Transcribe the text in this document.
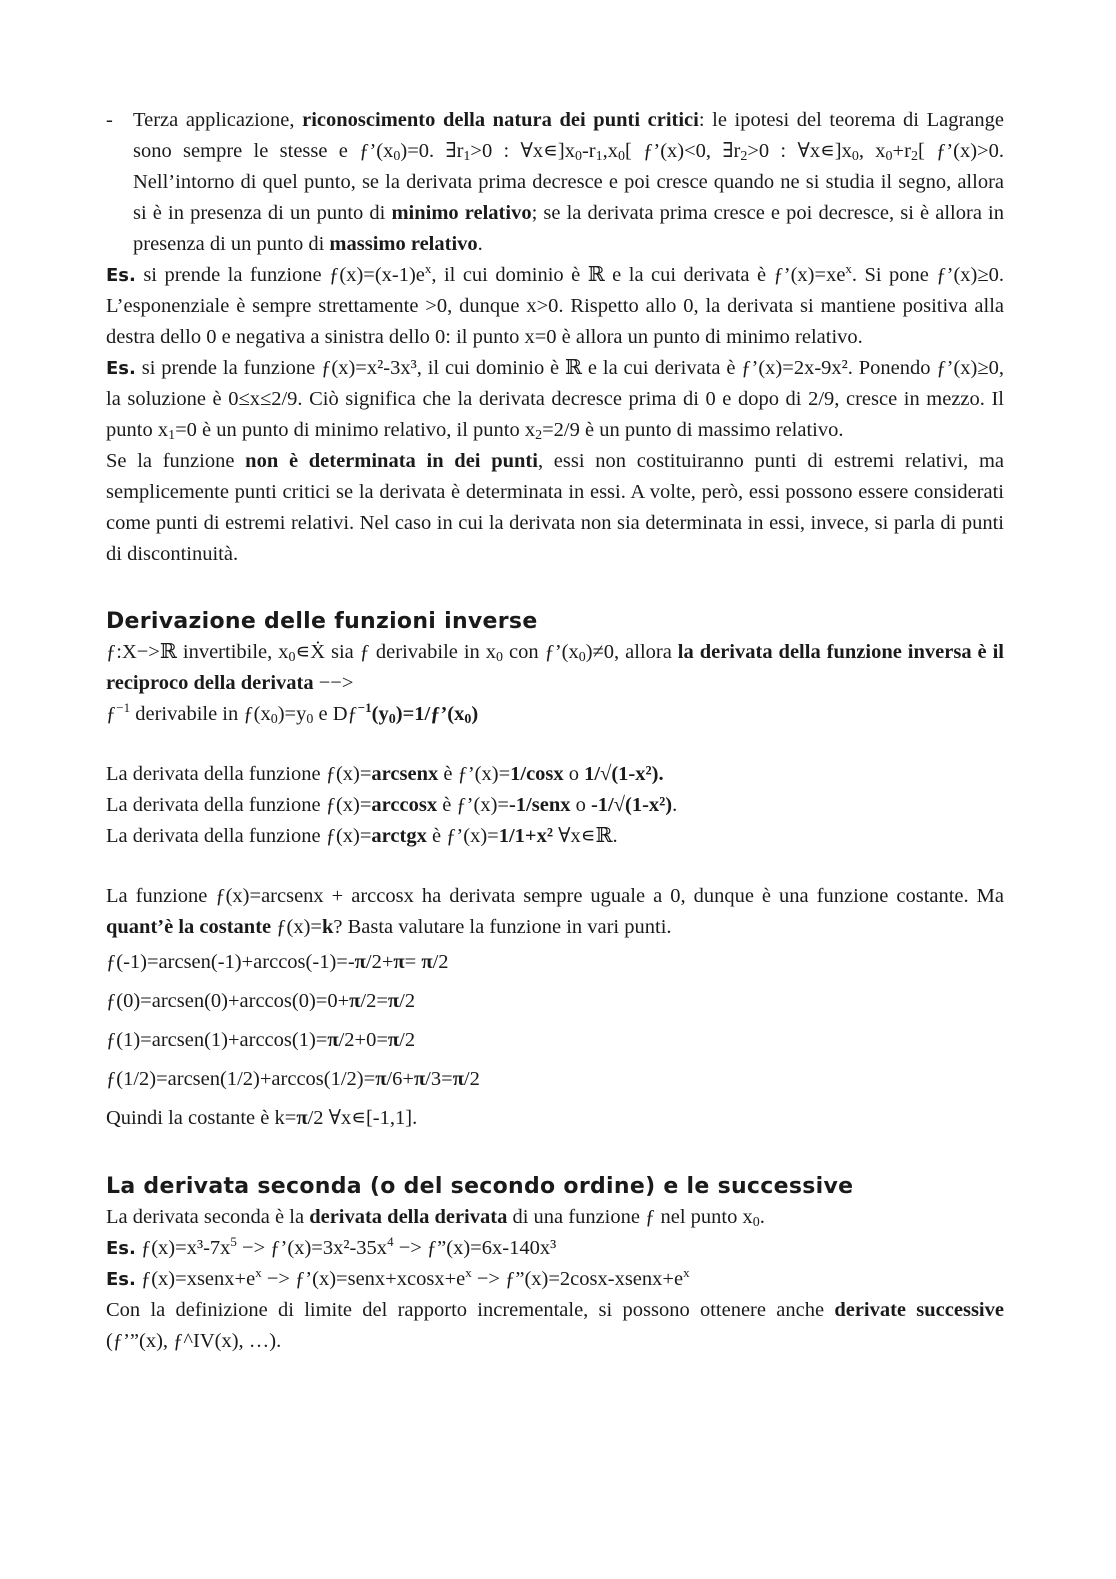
- Terza applicazione, riconoscimento della natura dei punti critici: le ipotesi del teorema di Lagrange sono sempre le stesse e $ƒ’(x_0)=0$. $\exists r_1>0$ : $\forall x∊]x_0-r_1,x_0$[ ƒ’(x)<0, $\exists r_2>0$ : $\forall x∊]x_0$, $x_0+r_2$[ ƒ’(x)>0. Nell’intorno di quel punto, se la derivata prima decresce e poi cresce quando ne si studia il segno, allora si è in presenza di un punto di minimo relativo; se la derivata prima cresce e poi decresce, si è allora in presenza di un punto di massimo relativo.

Es. si prende la funzione $ƒ(x)=(x-1)e^x$, il cui dominio è ℝ e la cui derivata è $ƒ’(x)=xe^x$. Si pone ƒ’(x)≥0. L’esponenziale è sempre strettamente >0, dunque x>0. Rispetto allo 0, la derivata si mantiene positiva alla destra dello 0 e negativa a sinistra dello 0: il punto x=0 è allora un punto di minimo relativo.

Es. si prende la funzione ƒ(x)=x²-3x³, il cui dominio è ℝ e la cui derivata è ƒ’(x)=2x-9x². Ponendo ƒ’(x)≥0, la soluzione è 0≤x≤2/9. Ciò significa che la derivata decresce prima di 0 e dopo di 2/9, cresce in mezzo. Il punto $x_1=0$ è un punto di minimo relativo, il punto $x_2=2/9$ è un punto di massimo relativo.

Se la funzione non è determinata in dei punti, essi non costituiranno punti di estremi relativi, ma semplicemente punti critici se la derivata è determinata in essi. A volte, però, essi possono essere considerati come punti di estremi relativi. Nel caso in cui la derivata non sia determinata in essi, invece, si parla di punti di discontinuità.

Derivazione delle funzioni inverse

ƒ:X−>ℝ invertibile, $x_0∊Ẋ$ sia ƒ derivabile in $x_0$ con $ƒ’(x_0)\ne 0$, allora la derivata della funzione inversa è il reciproco della derivata −−>

$ƒ^{-1}$ derivabile in $ƒ(x_0)=y_0$ e $Dƒ^{-1}(y_0)=1/ƒ’(x_0)$

La derivata della funzione ƒ(x)=arcsenx è ƒ’(x)=1/cosx o 1/√(1-x²).

La derivata della funzione ƒ(x)=arccosx è ƒ’(x)=-1/senx o -1/√(1-x²).

La derivata della funzione ƒ(x)=arctgx è ƒ’(x)=1/1+x² ∀x∊ℝ.

La funzione ƒ(x)=arcsenx + arccosx ha derivata sempre uguale a 0, dunque è una funzione costante. Ma quant’è la costante ƒ(x)=k? Basta valutare la funzione in vari punti.

ƒ(-1)=arcsen(-1)+arccos(-1)=-π/2+π= π/2

ƒ(0)=arcsen(0)+arccos(0)=0+π/2=π/2

ƒ(1)=arcsen(1)+arccos(1)=π/2+0=π/2

ƒ(1/2)=arcsen(1/2)+arccos(1/2)=π/6+π/3=π/2

Quindi la costante è k=π/2 ∀x∊[-1,1].

La derivata seconda (o del secondo ordine) e le successive

La derivata seconda è la derivata della derivata di una funzione ƒ nel punto $x_0$.

Es. $ƒ(x)=x^3-7x^5$ −> $ƒ’(x)=3x^2-35x^4$ −> ƒ”(x)=6x-140x³

Es. $ƒ(x)=xsenx+e^x$ −> $ƒ’(x)=senx+xcosx+e^x$ −> $ƒ”(x)=2\cos x-xsenx+e^x$

Con la definizione di limite del rapporto incrementale, si possono ottenere anche derivate successive (ƒ’”(x), ƒ^IV(x), …).
